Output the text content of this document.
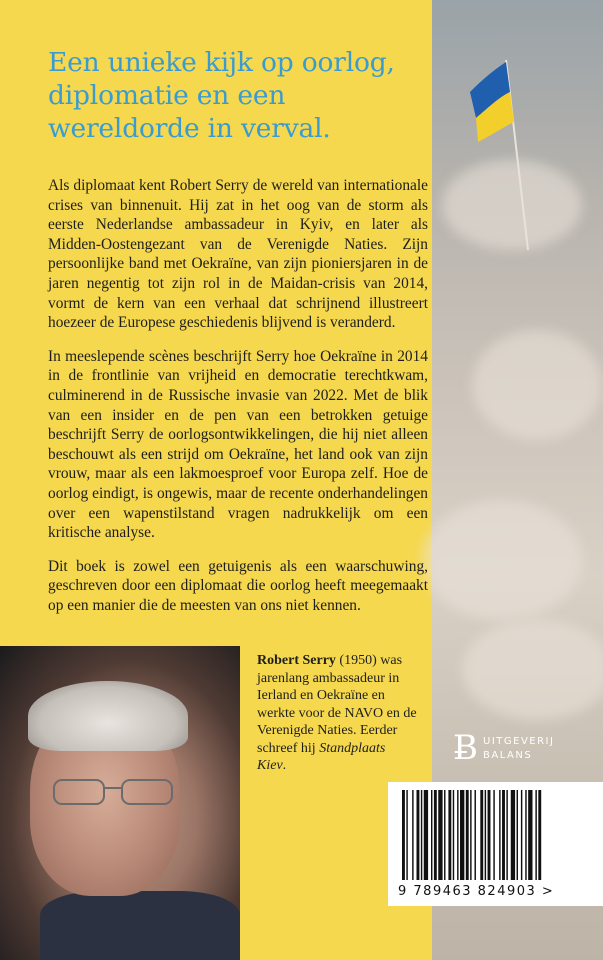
Een unieke kijk op oorlog, diplomatie en een wereldorde in verval.

Als diplomaat kent Robert Serry de wereld van internationale crises van binnenuit. Hij zat in het oog van de storm als eerste Nederlandse ambassadeur in Kyiv, en later als Midden-Oostengezant van de Verenigde Naties. Zijn persoonlijke band met Oekraïne, van zijn pioniersjaren in de jaren negentig tot zijn rol in de Maidan-crisis van 2014, vormt de kern van een verhaal dat schrijnend illustreert hoezeer de Europese geschiedenis blijvend is veranderd.

In meeslepende scènes beschrijft Serry hoe Oekraïne in 2014 in de frontlinie van vrijheid en democratie terechtkwam, culminerend in de Russische invasie van 2022. Met de blik van een insider en de pen van een betrokken getuige beschrijft Serry de oorlogsontwikkelingen, die hij niet alleen beschouwt als een strijd om Oekraïne, het land ook van zijn vrouw, maar als een lakmoesproef voor Europa zelf. Hoe de oorlog eindigt, is ongewis, maar de recente onderhandelingen over een wapenstilstand vragen nadrukkelijk om een kritische analyse.

Dit boek is zowel een getuigenis als een waarschuwing, geschreven door een diplomaat die oorlog heeft meegemaakt op een manier die de meesten van ons niet kennen.

Robert Serry (1950) was jarenlang ambassadeur in Ierland en Oekraïne en werkte voor de NAVO en de Verenigde Naties. Eerder schreef hij Standplaats Kiev.	Ƀ UITGEVERIJ
BALANS
9 789463 824903 >
